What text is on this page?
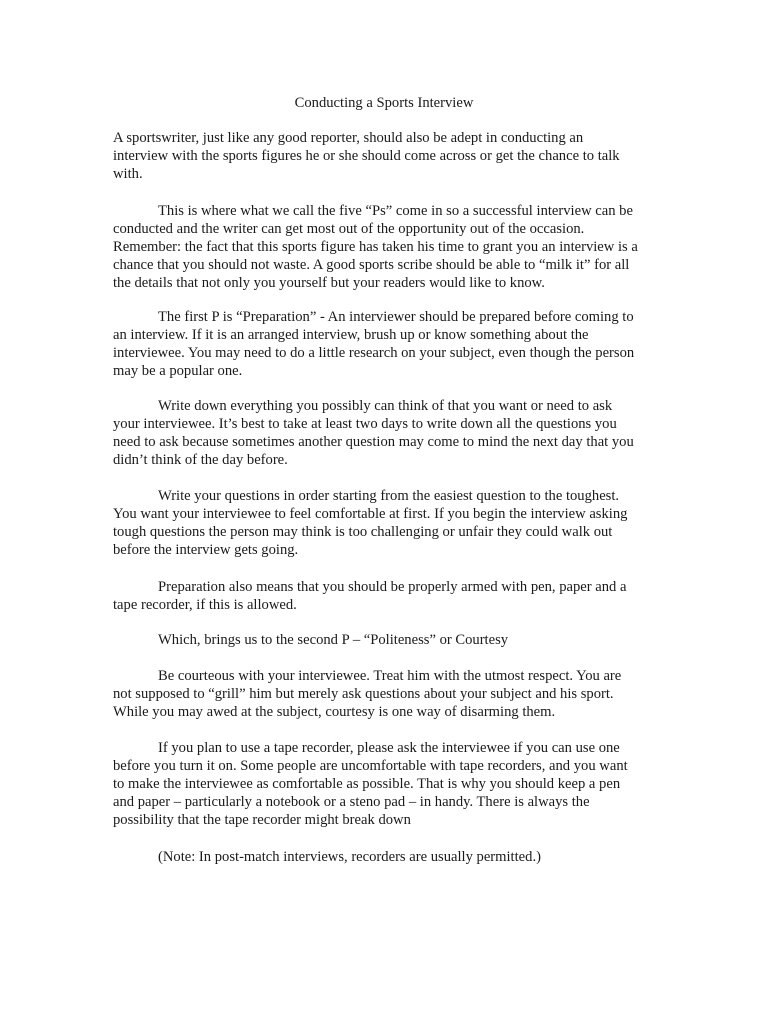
Conducting a Sports Interview
A sportswriter, just like any good reporter, should also be adept in conducting an
interview with the sports figures he or she should come across or get the chance to talk
with.
This is where what we call the five “Ps” come in so a successful interview can be
conducted and the writer can get most out of the opportunity out of the occasion.
Remember: the fact that this sports figure has taken his time to grant you an interview is a
chance that you should not waste. A good sports scribe should be able to “milk it” for all
the details that not only you yourself but your readers would like to know.
The first P is “Preparation” - An interviewer should be prepared before coming to
an interview. If it is an arranged interview, brush up or know something about the
interviewee. You may need to do a little research on your subject, even though the person
may be a popular one.
Write down everything you possibly can think of that you want or need to ask
your interviewee. It’s best to take at least two days to write down all the questions you
need to ask because sometimes another question may come to mind the next day that you
didn’t think of the day before.
Write your questions in order starting from the easiest question to the toughest.
You want your interviewee to feel comfortable at first. If you begin the interview asking
tough questions the person may think is too challenging or unfair they could walk out
before the interview gets going.
Preparation also means that you should be properly armed with pen, paper and a
tape recorder, if this is allowed.
Which, brings us to the second P – “Politeness” or Courtesy
Be courteous with your interviewee. Treat him with the utmost respect. You are
not supposed to “grill” him but merely ask questions about your subject and his sport.
While you may awed at the subject, courtesy is one way of disarming them.
If you plan to use a tape recorder, please ask the interviewee if you can use one
before you turn it on. Some people are uncomfortable with tape recorders, and you want
to make the interviewee as comfortable as possible. That is why you should keep a pen
and paper – particularly a notebook or a steno pad – in handy. There is always the
possibility that the tape recorder might break down
(Note: In post-match interviews, recorders are usually permitted.)
